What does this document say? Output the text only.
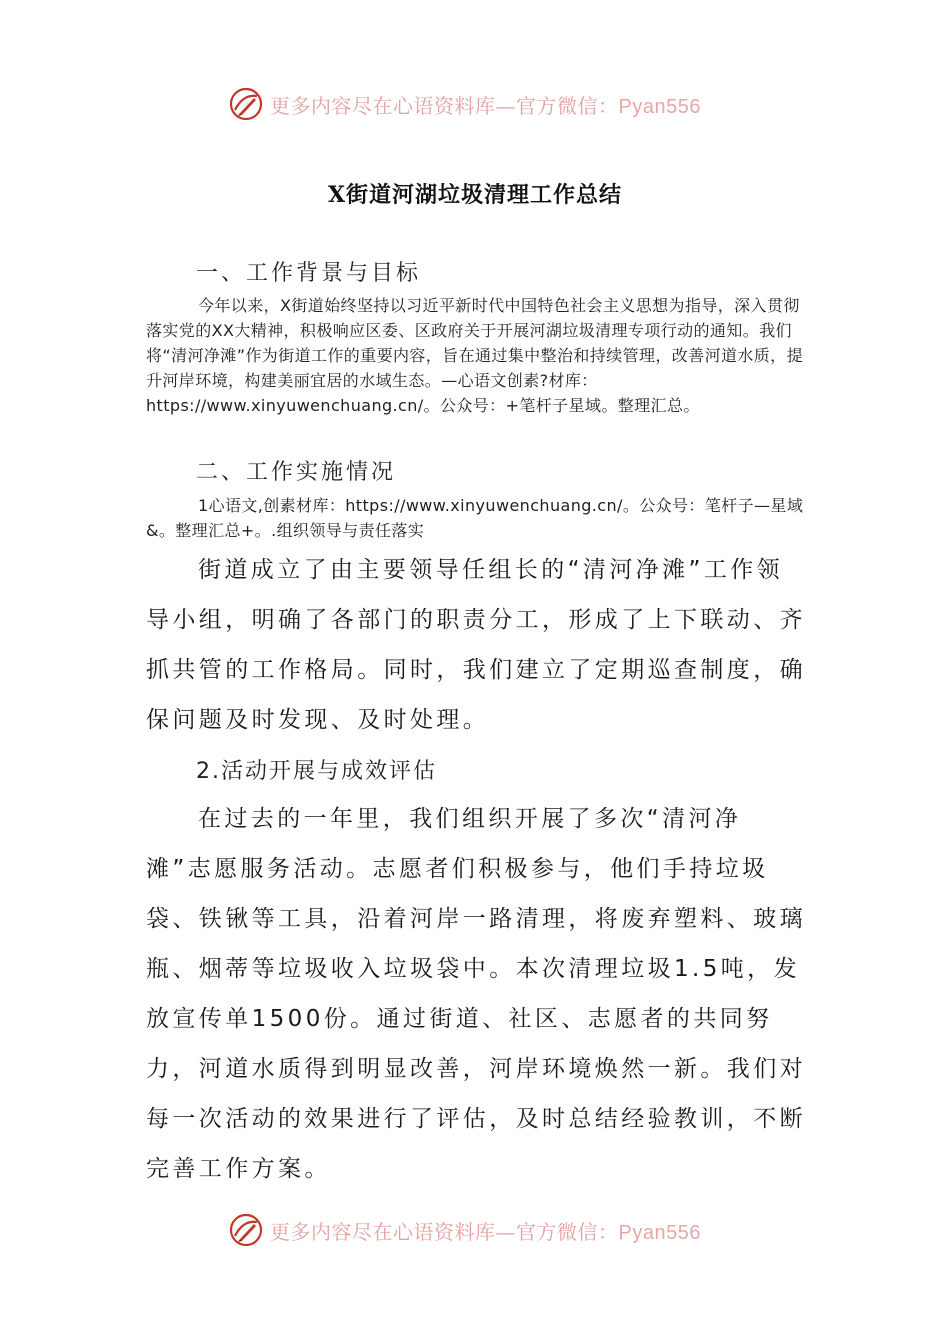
更多内容尽在心语资料库—官方微信：Pyan556
X街道河湖垃圾清理工作总结
一、工作背景与目标
今年以来，X街道始终坚持以习近平新时代中国特色社会主义思想为指导，深入贯彻落实党的XX大精神，积极响应区委、区政府关于开展河湖垃圾清理专项行动的通知。我们将“清河净滩”作为街道工作的重要内容，旨在通过集中整治和持续管理，改善河道水质，提升河岸环境，构建美丽宜居的水域生态。—心语文创素?材库：https://www.xinyuwenchuang.cn/。公众号：+笔杆子星域。整理汇总。
二、工作实施情况
1心语文,创素材库：https://www.xinyuwenchuang.cn/。公众号：笔杆子—星域&。整理汇总+。.组织领导与责任落实
街道成立了由主要领导任组长的“清河净滩”工作领导小组，明确了各部门的职责分工，形成了上下联动、齐抓共管的工作格局。同时，我们建立了定期巡查制度，确保问题及时发现、及时处理。
2.活动开展与成效评估
在过去的一年里，我们组织开展了多次“清河净滩”志愿服务活动。志愿者们积极参与，他们手持垃圾袋、铁锹等工具，沿着河岸一路清理，将废弃塑料、玻璃瓶、烟蒂等垃圾收入垃圾袋中。本次清理垃圾1.5吨，发放宣传单1500份。通过街道、社区、志愿者的共同努力，河道水质得到明显改善，河岸环境焕然一新。我们对每一次活动的效果进行了评估，及时总结经验教训，不断完善工作方案。
更多内容尽在心语资料库—官方微信：Pyan556
